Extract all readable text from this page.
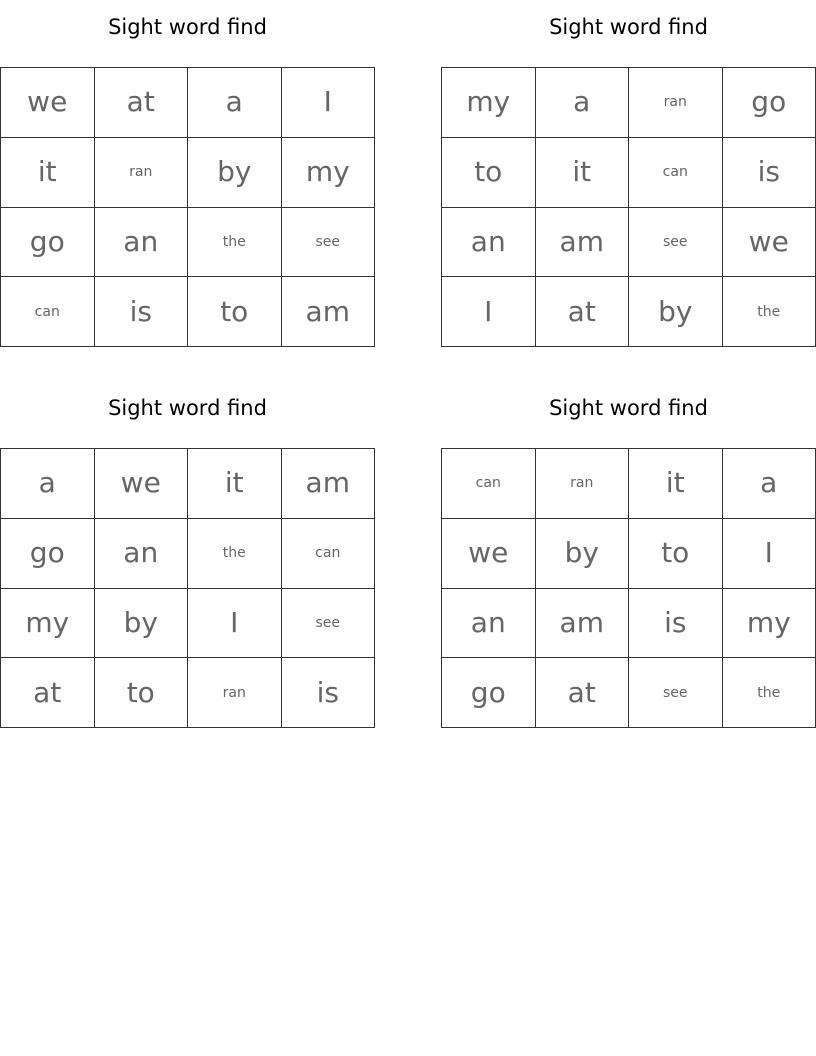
Sight word find
we	at	a	I
it	ran	by	my
go	an	the	see
can	is	to	am
Sight word find
my	a	ran	go
to	it	can	is
an	am	see	we
I	at	by	the
Sight word find
a	we	it	am
go	an	the	can
my	by	I	see
at	to	ran	is
Sight word find
can	ran	it	a
we	by	to	I
an	am	is	my
go	at	see	the
